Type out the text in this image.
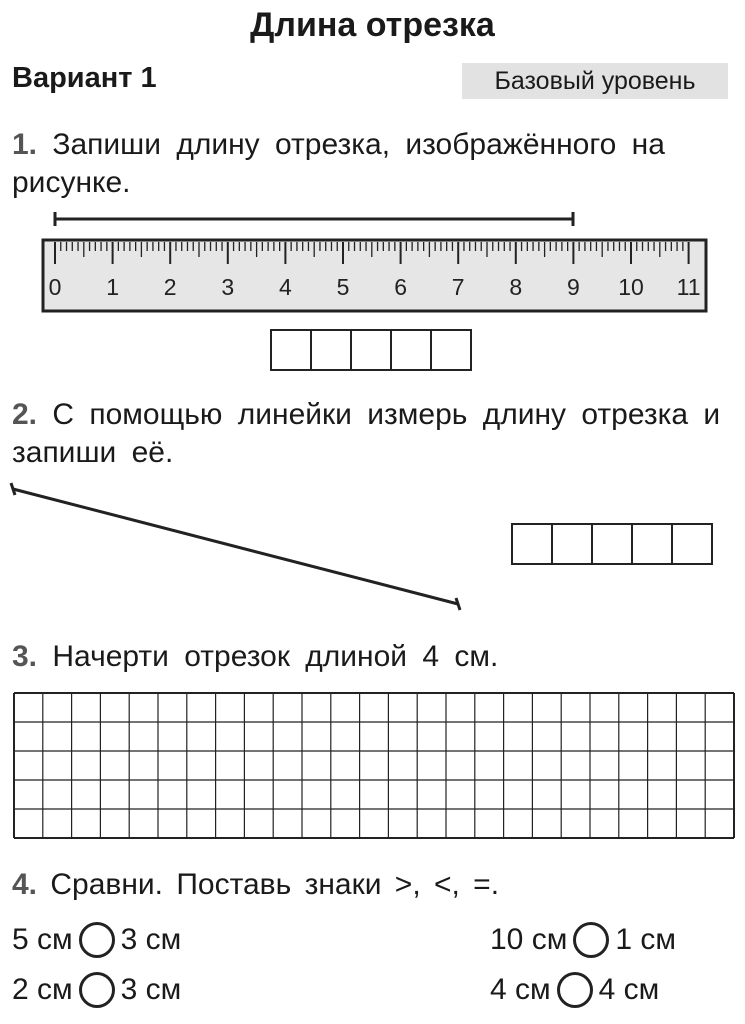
Длина отрезка
Вариант 1	Базовый уровень
1. Запиши длину отрезка, изображённого на рисунке.
0 1 2 3 4 5 6 7 8 9 10 11
2. С помощью линейки измерь длину отрезка и запиши её.
3. Начерти отрезок длиной 4 см.
4. Сравни. Поставь знаки >, <, =.
5 см 3 см	10 см 1 см
2 см 3 см	4 см 4 см
